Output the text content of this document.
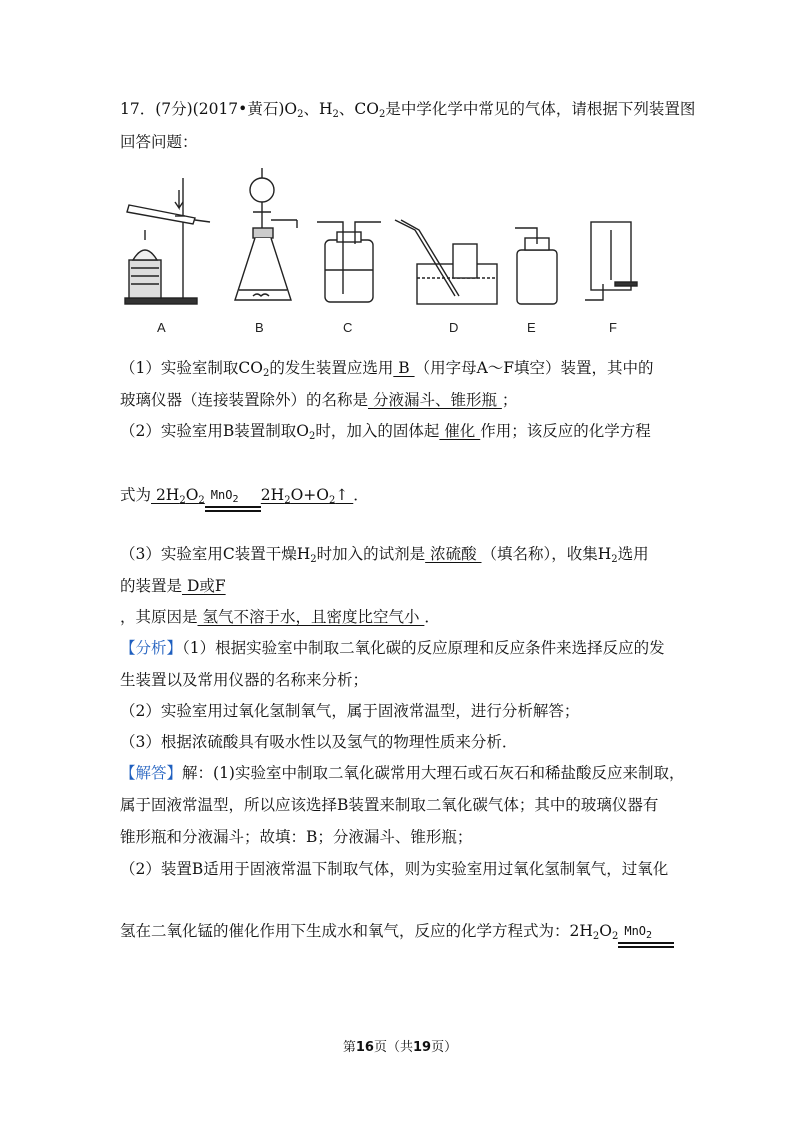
17．(7分)(2017•黄石)$O_2$、$H_2$、$CO_2$是中学化学中常见的气体，请根据下列装置图
回答问题：
A	B	C	D	E	F
（1）实验室制取$CO_2$的发生装置应选用 B （用字母A～F填空）装置，其中的
玻璃仪器（连接装置除外）的名称是 分液漏斗、锥形瓶 ；
（2）实验室用B装置制取$O_2$时，加入的固体起 催化 作用；该反应的化学方程
式为 $2H_2O_2$ MnO$_2$ $2H_2O+O_2↑$ ．
（3）实验室用C装置干燥$H_2$时加入的试剂是 浓硫酸 （填名称），收集$H_2$选用
的装置是 D或F
，其原因是 氢气不溶于水，且密度比空气小 ．
【分析】（1）根据实验室中制取二氧化碳的反应原理和反应条件来选择反应的发
生装置以及常用仪器的名称来分析；
（2）实验室用过氧化氢制氧气，属于固液常温型，进行分析解答；
（3）根据浓硫酸具有吸水性以及氢气的物理性质来分析．
【解答】解：(1)实验室中制取二氧化碳常用大理石或石灰石和稀盐酸反应来制取，
属于固液常温型，所以应该选择B装置来制取二氧化碳气体；其中的玻璃仪器有
锥形瓶和分液漏斗；故填：B；分液漏斗、锥形瓶；
（2）装置B适用于固液常温下制取气体，则为实验室用过氧化氢制氧气，过氧化
氢在二氧化锰的催化作用下生成水和氧气，反应的化学方程式为：$2H_2O_2$ MnO$_2$
第16页（共19页）
